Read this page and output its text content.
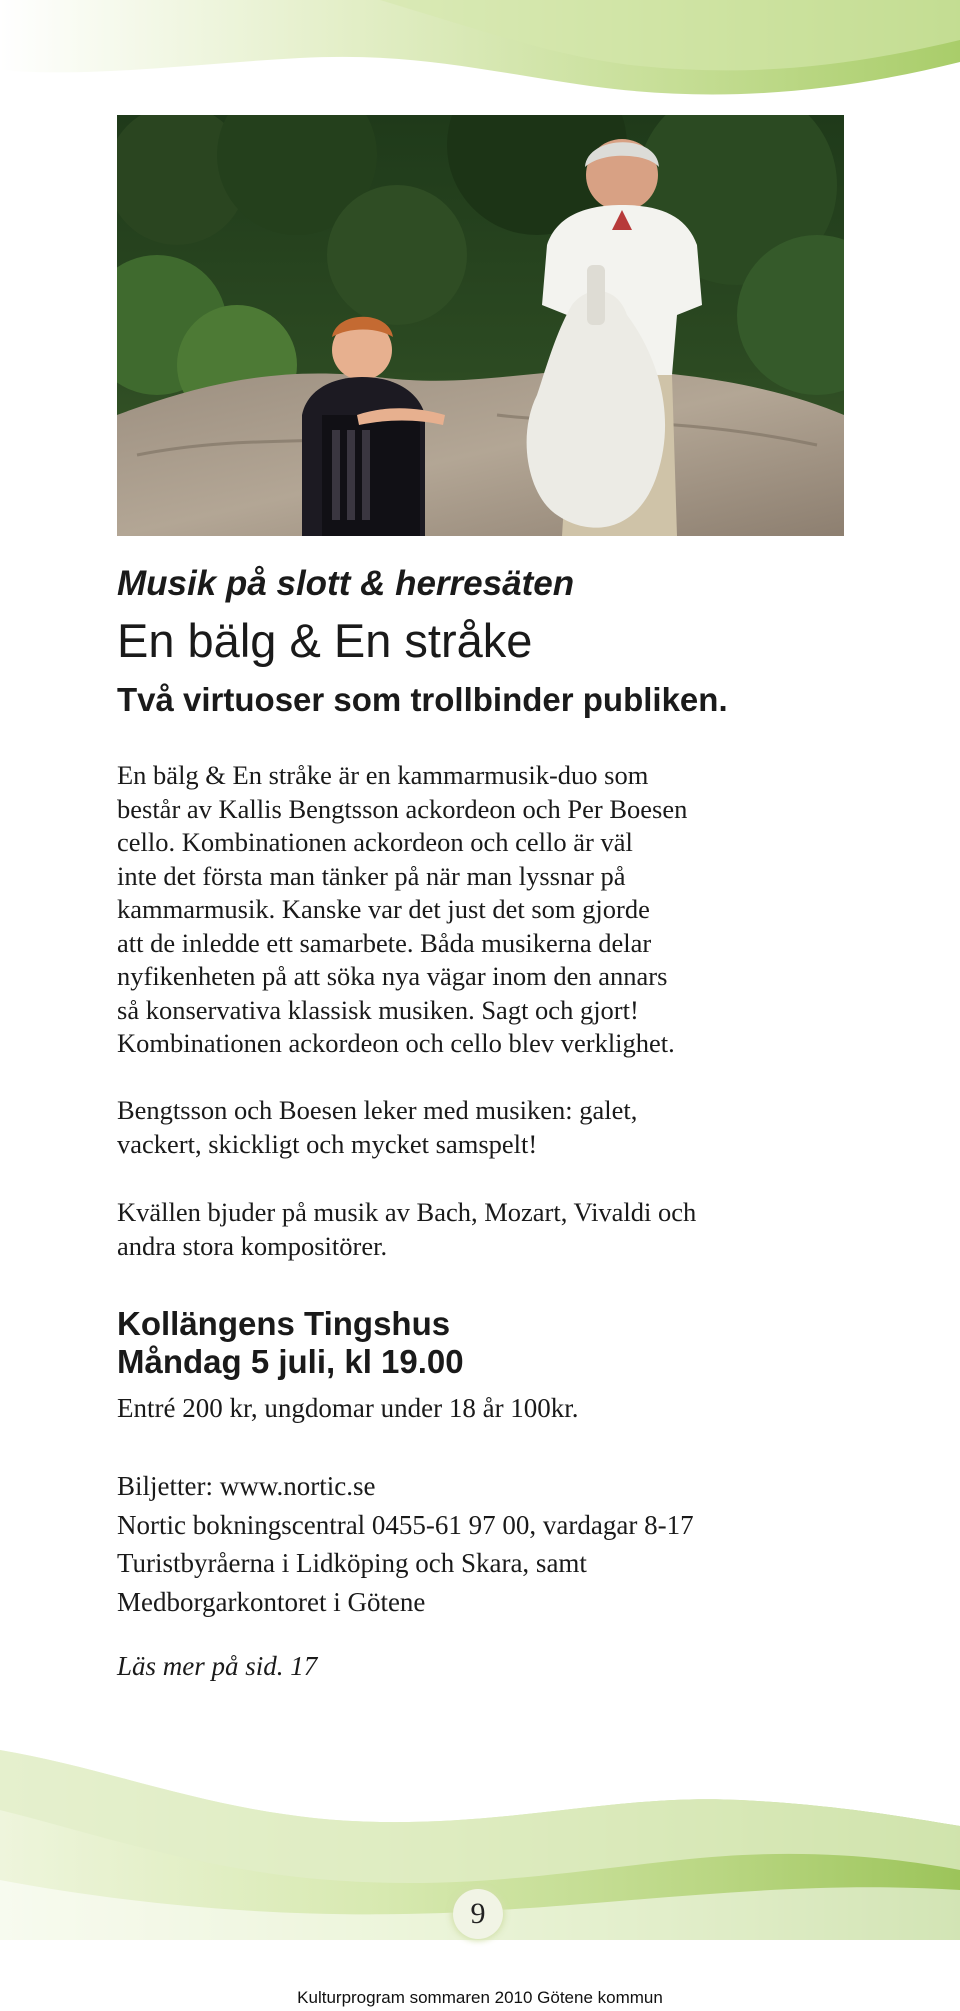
Musik på slott & herresäten
En bälg & En stråke
Två virtuoser som trollbinder publiken.

En bälg & En stråke är en kammarmusik-duo som
består av Kallis Bengtsson ackordeon och Per Boesen
cello. Kombinationen ackordeon och cello är väl
inte det första man tänker på när man lyssnar på
kammarmusik. Kanske var det just det som gjorde
att de inledde ett samarbete. Båda musikerna delar
nyfikenheten på att söka nya vägar inom den annars
så konservativa klassisk musiken. Sagt och gjort!
Kombinationen ackordeon och cello blev verklighet.

Bengtsson och Boesen leker med musiken: galet,
vackert, skickligt och mycket samspelt!

Kvällen bjuder på musik av Bach, Mozart, Vivaldi och
andra stora kompositörer.

Kollängens Tingshus
Måndag 5 juli, kl 19.00

Entré 200 kr, ungdomar under 18 år 100kr.

Biljetter: www.nortic.se
Nortic bokningscentral 0455-61 97 00, vardagar 8-17
Turistbyråerna i Lidköping och Skara, samt
Medborgarkontoret i Götene

Läs mer på sid. 17

9

Kulturprogram sommaren 2010 Götene kommun
